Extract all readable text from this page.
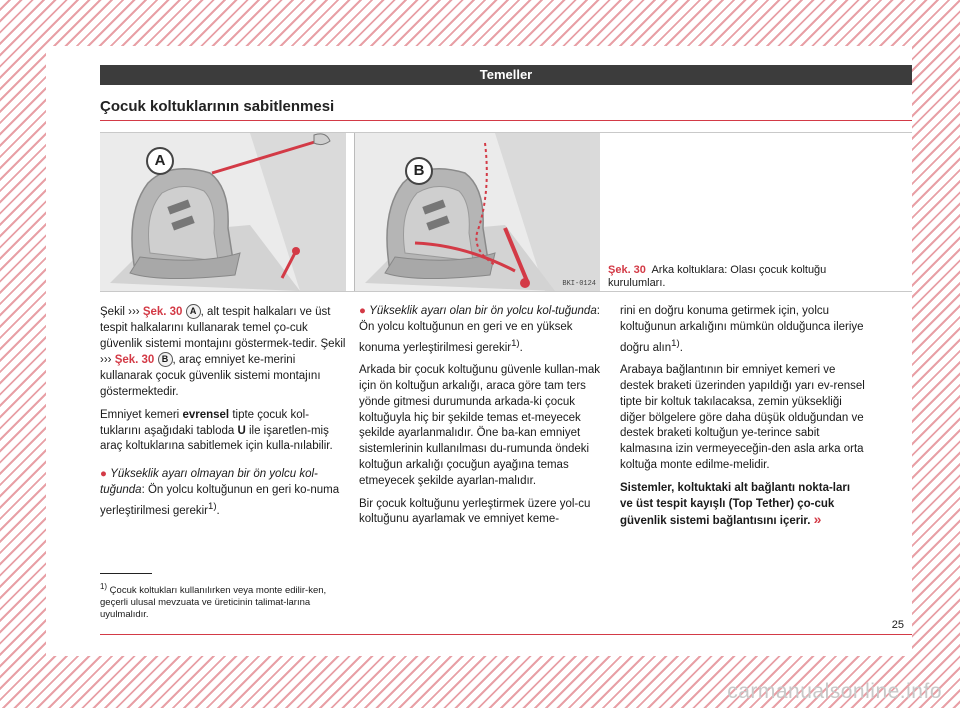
Temeller
Çocuk koltuklarının sabitlenmesi
A
B
BKI-0124
Şek. 30 Arka koltuklara: Olası çocuk koltuğu kurulumları.

Şekil ››› Şek. 30 A , alt tespit halkaları ve üst tespit halkalarını kullanarak temel ço-cuk güvenlik sistemi montajını göstermek-tedir. Şekil ››› Şek. 30 B , araç emniyet ke-merini kullanarak çocuk güvenlik sistemi montajını göstermektedir.

Emniyet kemeri evrensel tipte çocuk kol-tuklarını aşağıdaki tabloda U ile işaretlen-miş araç koltuklarına sabitlemek için kulla-nılabilir.

● Yükseklik ayarı olmayan bir ön yolcu kol-tuğunda: Ön yolcu koltuğunun en geri ko-numa yerleştirilmesi gerekir$^{1)}$.

● Yükseklik ayarı olan bir ön yolcu kol-tuğunda: Ön yolcu koltuğunun en geri ve en yüksek konuma yerleştirilmesi gerekir$^{1)}$.

Arkada bir çocuk koltuğunu güvenle kullan-mak için ön koltuğun arkalığı, araca göre tam ters yönde gitmesi durumunda arkada-ki çocuk koltuğuyla hiç bir şekilde temas et-meyecek şekilde ayarlanmalıdır. Öne ba-kan emniyet sistemlerinin kullanılması du-rumunda öndeki koltuğun arkalığı çocuğun ayağına temas etmeyecek şekilde ayarlan-malıdır.

Bir çocuk koltuğunu yerleştirmek üzere yol-cu koltuğunu ayarlamak ve emniyet keme-

rini en doğru konuma getirmek için, yolcu koltuğunun arkalığını mümkün olduğunca ileriye doğru alın$^{1)}$.

Arabaya bağlantının bir emniyet kemeri ve destek braketi üzerinden yapıldığı yarı ev-rensel tipte bir koltuk takılacaksa, zemin yüksekliği diğer bölgelere göre daha düşük olduğundan ve destek braketi koltuğun ye-terince sabit kalmasına izin vermeyeceğin-den asla arka orta koltuğa monte edilme-melidir.

Sistemler, koltuktaki alt bağlantı nokta-ları ve üst tespit kayışlı (Top Tether) ço-cuk güvenlik sistemi bağlantısını içerir. »

$^{1)}$ Çocuk koltukları kullanılırken veya monte edilir-ken, geçerli ulusal mevzuata ve üreticinin talimat-larına uyulmalıdır.
25
carmanualsonline.info
